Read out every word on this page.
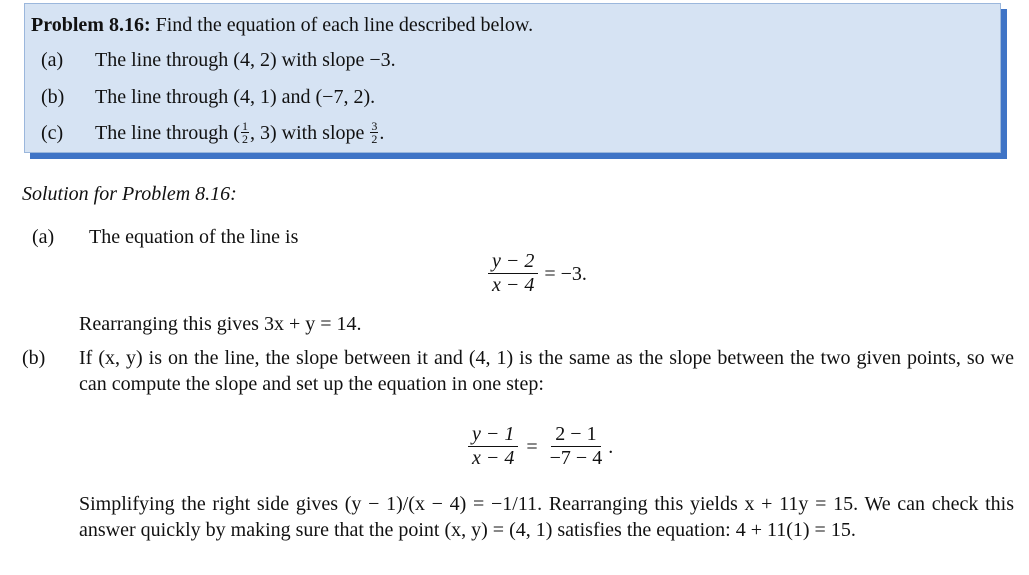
Problem 8.16: Find the equation of each line described below.
(a) The line through (4, 2) with slope −3.
(b) The line through (4, 1) and (−7, 2).
(c) The line through ( $\frac{1}{2}$ , 3) with slope $\frac{3}{2}$ .
Solution for Problem 8.16:
(a) The equation of the line is
$\frac{y - 2}{x - 4} = -3$.
Rearranging this gives 3x + y = 14.
(b)	If (x, y) is on the line, the slope between it and (4, 1) is the same as the slope between the two given points, so we can compute the slope and set up the equation in one step:
$\frac{y - 1}{x - 4} = \frac{2 - 1}{-7 - 4}$ .
Simplifying the right side gives (y − 1)/(x − 4) = −1/11. Rearranging this yields x + 11y = 15. We can check this answer quickly by making sure that the point (x, y) = (4, 1) satisfies the equation: 4 + 11(1) = 15.
